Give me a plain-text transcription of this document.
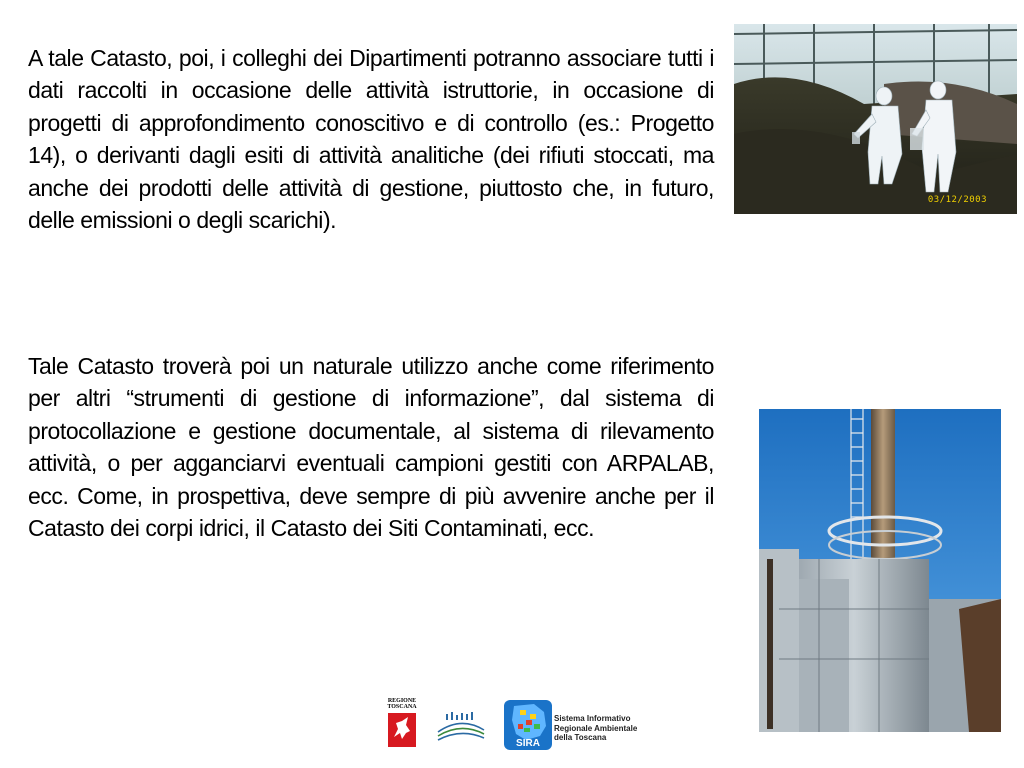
A tale Catasto, poi, i colleghi dei Dipartimenti potranno associare tutti i dati raccolti in occasione delle attività istruttorie, in occasione di progetti di approfondimento conoscitivo e di controllo (es.: Progetto 14), o derivanti dagli esiti di attività analitiche (dei rifiuti stoccati, ma anche dei prodotti delle attività di gestione, piuttosto che, in futuro, delle emissioni o degli scarichi).

Tale Catasto troverà poi un naturale utilizzo anche come riferimento per altri “strumenti di gestione di informazione”, dal sistema di protocollazione e gestione documentale, al sistema di rilevamento attività, o per agganciarvi eventuali campioni gestiti con ARPALAB, ecc. Come, in prospettiva, deve sempre di più avvenire anche per il Catasto dei corpi idrici, il Catasto dei Siti Contaminati, ecc.

03/12/2003
REGIONE
TOSCANA
SIRA
Sistema Informativo
Regionale Ambientale
della Toscana
